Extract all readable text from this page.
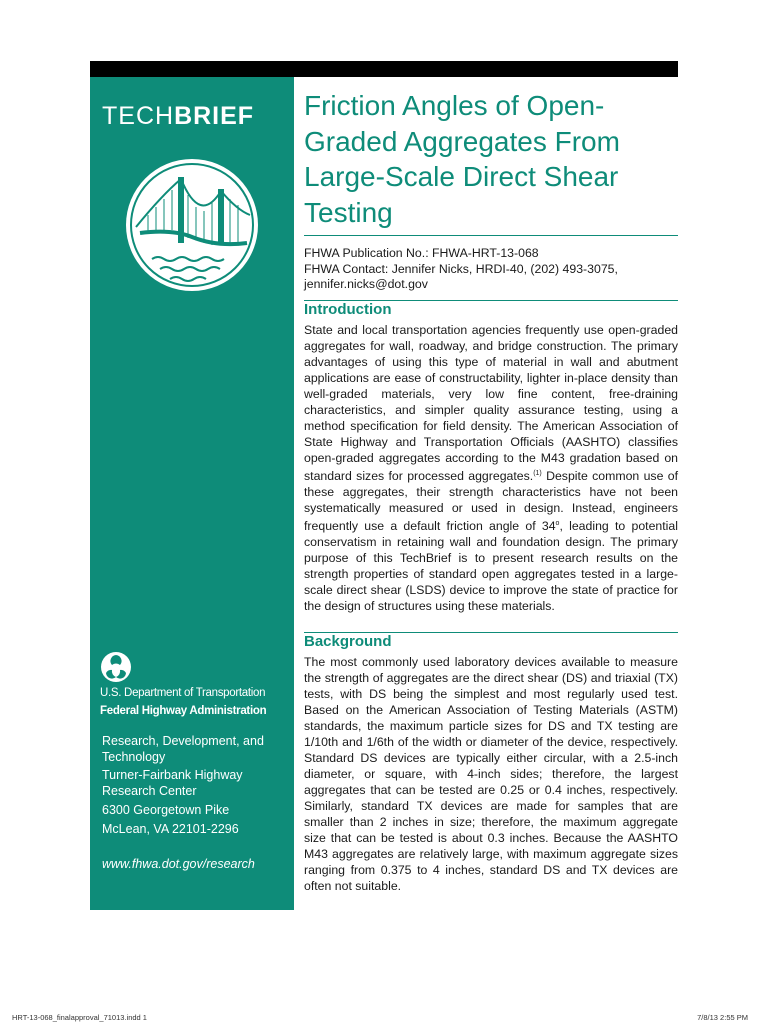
TECHBRIEF
U.S. Department of Transportation
Federal Highway Administration
Research, Development, and Technology
Turner-Fairbank Highway Research Center
6300 Georgetown Pike
McLean, VA 22101-2296
www.fhwa.dot.gov/research
Friction Angles of Open-Graded Aggregates From Large-Scale Direct Shear Testing
FHWA Publication No.: FHWA-HRT-13-068
FHWA Contact: Jennifer Nicks, HRDI-40, (202) 493-3075, jennifer.nicks@dot.gov
Introduction
State and local transportation agencies frequently use open-graded aggregates for wall, roadway, and bridge construction. The primary advantages of using this type of material in wall and abutment applications are ease of constructability, lighter in-place density than well-graded materials, very low fine content, free-draining characteristics, and simpler quality assurance testing, using a method specification for field density. The American Association of State Highway and Transportation Officials (AASHTO) classifies open-graded aggregates according to the M43 gradation based on standard sizes for processed aggregates.$^{(1)}$ Despite common use of these aggregates, their strength characteristics have not been systematically measured or used in design. Instead, engineers frequently use a default friction angle of 34$^o$, leading to potential conservatism in retaining wall and foundation design. The primary purpose of this TechBrief is to present research results on the strength properties of standard open aggregates tested in a large-scale direct shear (LSDS) device to improve the state of practice for the design of structures using these materials.
Background
The most commonly used laboratory devices available to measure the strength of aggregates are the direct shear (DS) and triaxial (TX) tests, with DS being the simplest and most regularly used test. Based on the American Association of Testing Materials (ASTM) standards, the maximum particle sizes for DS and TX testing are 1/10th and 1/6th of the width or diameter of the device, respectively. Standard DS devices are typically either circular, with a 2.5-inch diameter, or square, with 4-inch sides; therefore, the largest aggregates that can be tested are 0.25 or 0.4 inches, respectively. Similarly, standard TX devices are made for samples that are smaller than 2 inches in size; therefore, the maximum aggregate size that can be tested is about 0.3 inches. Because the AASHTO M43 aggregates are relatively large, with maximum aggregate sizes ranging from 0.375 to 4 inches, standard DS and TX devices are often not suitable.
HRT-13-068_finalapproval_71013.indd 1	7/8/13 2:55 PM
